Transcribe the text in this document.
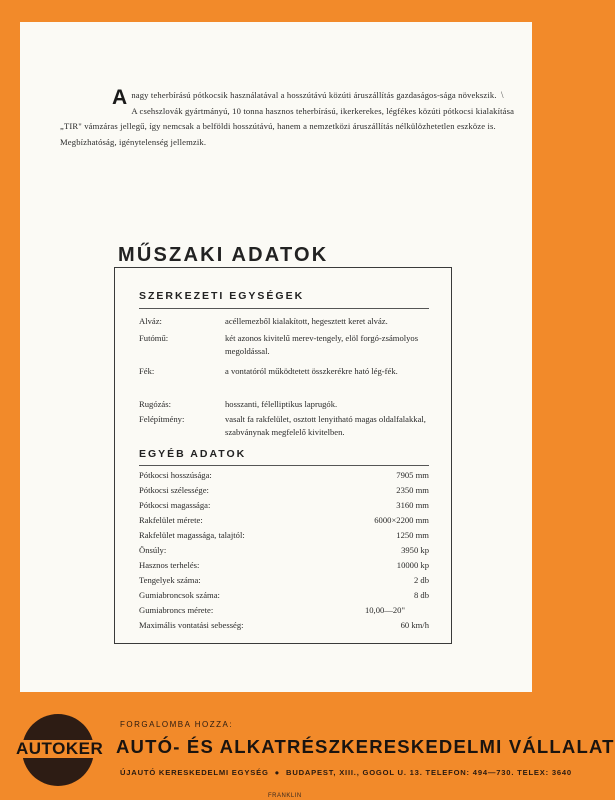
Anagy teherbírású pótkocsik használatával a hosszútávú közúti áruszállítás gazdaságos-sága növekszik.

A csehszlovák gyártmányú, 10 tonna hasznos teherbírású, ikerkerekes, légfékes közúti pótkocsi kialakítása „TIR" vámzáras jellegű, így nemcsak a belföldi hosszútávú, hanem a nemzetközi áruszállítás nélkülözhetetlen eszköze is.

Megbízhatóság, igénytelenség jellemzik.

\
MŰSZAKI ADATOK
SZERKEZETI EGYSÉGEK
Alváz:	acéllemezből kialakított, hegesztett keret alváz.
Futómű:	két azonos kivitelű merev-tengely, elöl forgó-zsámolyos megoldással.
Fék:	a vontatóról működtetett összkerékre ható lég-fék.
Rugózás:	hosszanti, félelliptikus laprugók.
Felépítmény:	vasalt fa rakfelület, osztott lenyitható magas oldalfalakkal, szabványnak megfelelő kivitelben.
EGYÉB ADATOK
Pótkocsi hosszúsága:	7905 mm
Pótkocsi szélessége:	2350 mm
Pótkocsi magassága:	3160 mm
Rakfelület mérete:	6000×2200 mm
Rakfelület magassága, talajtól:	1250 mm
Önsúly:	3950 kp
Hasznos terhelés:	10000 kp
Tengelyek száma:	2 db
Gumiabroncsok száma:	8 db
Gumiabroncs mérete:	10,00—20"
Maximális vontatási sebesség:	60 km/h
AUTOKER
FORGALOMBA HOZZA:
AUTÓ- ÉS ALKATRÉSZKERESKEDELMI VÁLLALAT
ÚJAUTÓ KERESKEDELMI EGYSÉG ● BUDAPEST, XIII., GOGOL U. 13. TELEFON: 494—730. TELEX: 3640
FRANKLIN
